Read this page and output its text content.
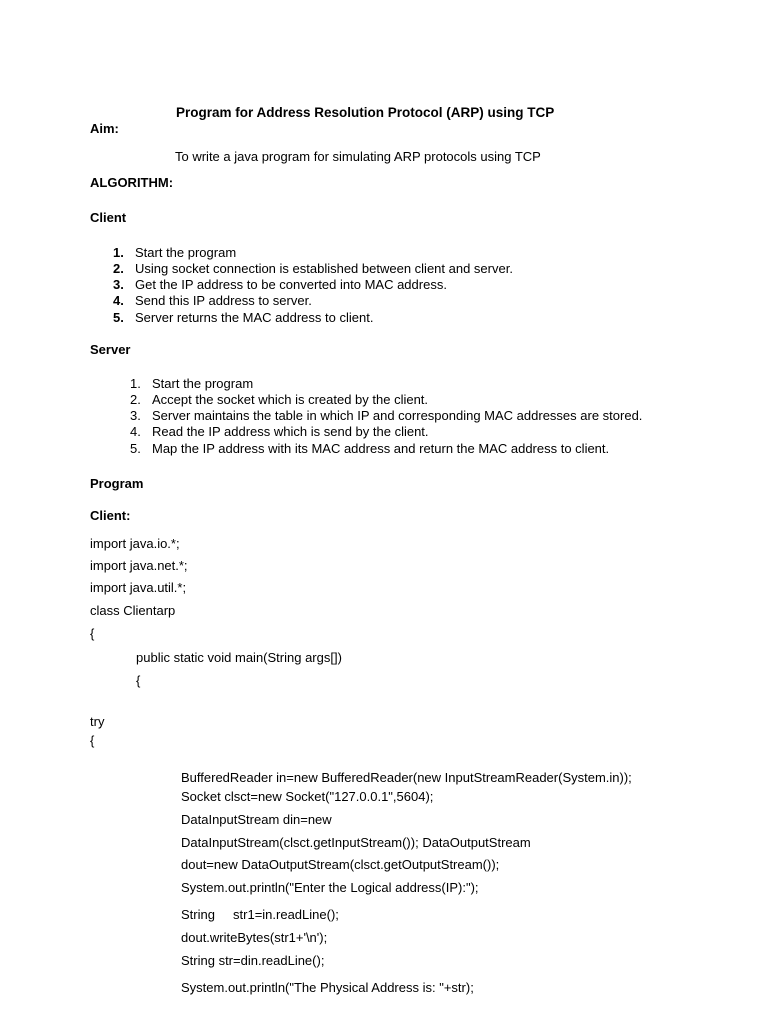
Program for Address Resolution Protocol (ARP) using TCP
Aim:
To write a java program for simulating ARP protocols using TCP
ALGORITHM:
Client
1. Start the program
2. Using socket connection is established between client and server.
3. Get the IP address to be converted into MAC address.
4. Send this IP address to server.
5. Server returns the MAC address to client.
Server
1. Start the program
2. Accept the socket which is created by the client.
3. Server maintains the table in which IP and corresponding MAC addresses are stored.
4. Read the IP address which is send by the client.
5. Map the IP address with its MAC address and return the MAC address to client.
Program
Client:
import java.io.*;
import java.net.*;
import java.util.*;
class Clientarp
{
public static void main(String args[])
{
try
{
BufferedReader in=new BufferedReader(new InputStreamReader(System.in));
Socket clsct=new Socket("127.0.0.1",5604);
DataInputStream din=new
DataInputStream(clsct.getInputStream()); DataOutputStream
dout=new DataOutputStream(clsct.getOutputStream());
System.out.println("Enter the Logical address(IP):");
String     str1=in.readLine();
dout.writeBytes(str1+'\n');
String str=din.readLine();
System.out.println("The Physical Address is: "+str);
